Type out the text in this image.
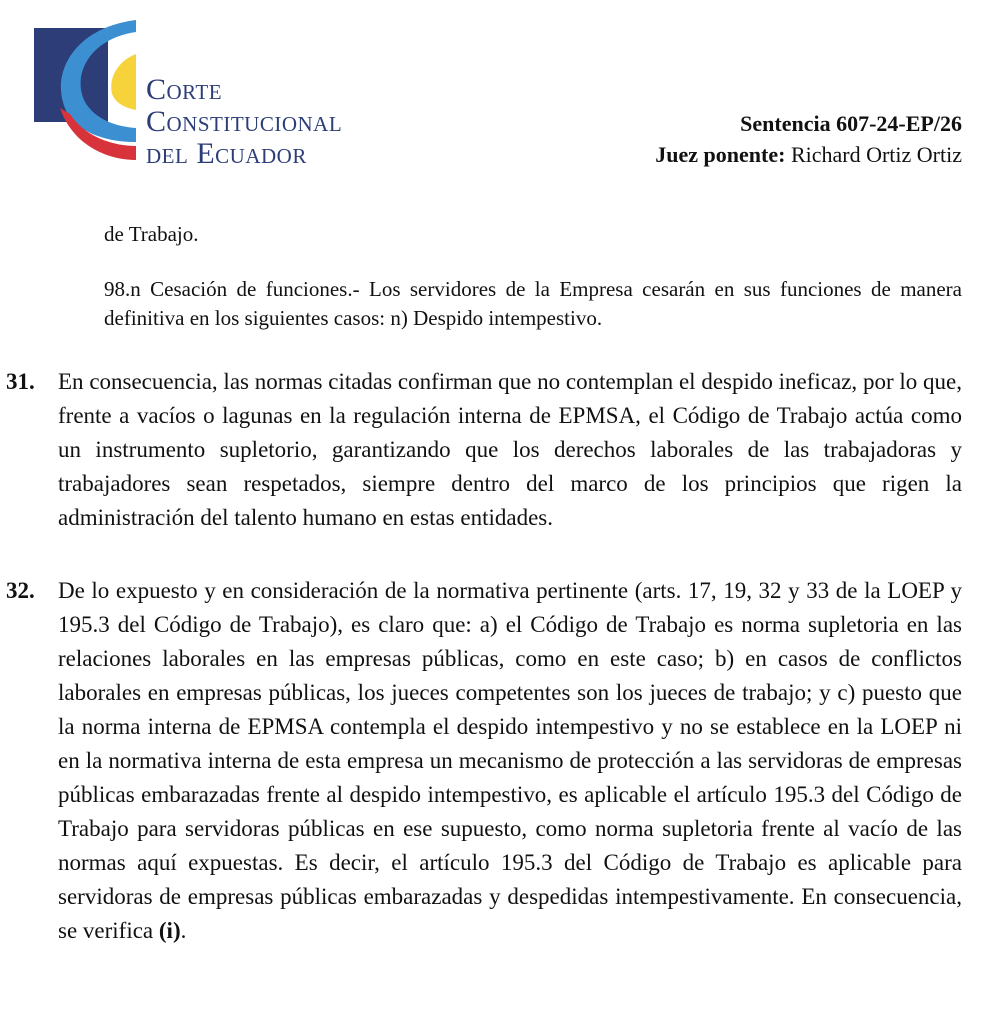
Corte
Constitucional
del Ecuador
Sentencia 607-24-EP/26
Juez ponente: Richard Ortiz Ortiz
de Trabajo.
98.n Cesación de funciones.- Los servidores de la Empresa cesarán en sus funciones de manera definitiva en los siguientes casos: n) Despido intempestivo.
31. En consecuencia, las normas citadas confirman que no contemplan el despido ineficaz, por lo que, frente a vacíos o lagunas en la regulación interna de EPMSA, el Código de Trabajo actúa como un instrumento supletorio, garantizando que los derechos laborales de las trabajadoras y trabajadores sean respetados, siempre dentro del marco de los principios que rigen la administración del talento humano en estas entidades.
32. De lo expuesto y en consideración de la normativa pertinente (arts. 17, 19, 32 y 33 de la LOEP y 195.3 del Código de Trabajo), es claro que: a) el Código de Trabajo es norma supletoria en las relaciones laborales en las empresas públicas, como en este caso; b) en casos de conflictos laborales en empresas públicas, los jueces competentes son los jueces de trabajo; y c) puesto que la norma interna de EPMSA contempla el despido intempestivo y no se establece en la LOEP ni en la normativa interna de esta empresa un mecanismo de protección a las servidoras de empresas públicas embarazadas frente al despido intempestivo, es aplicable el artículo 195.3 del Código de Trabajo para servidoras públicas en ese supuesto, como norma supletoria frente al vacío de las normas aquí expuestas. Es decir, el artículo 195.3 del Código de Trabajo es aplicable para servidoras de empresas públicas embarazadas y despedidas intempestivamente. En consecuencia, se verifica (i).
